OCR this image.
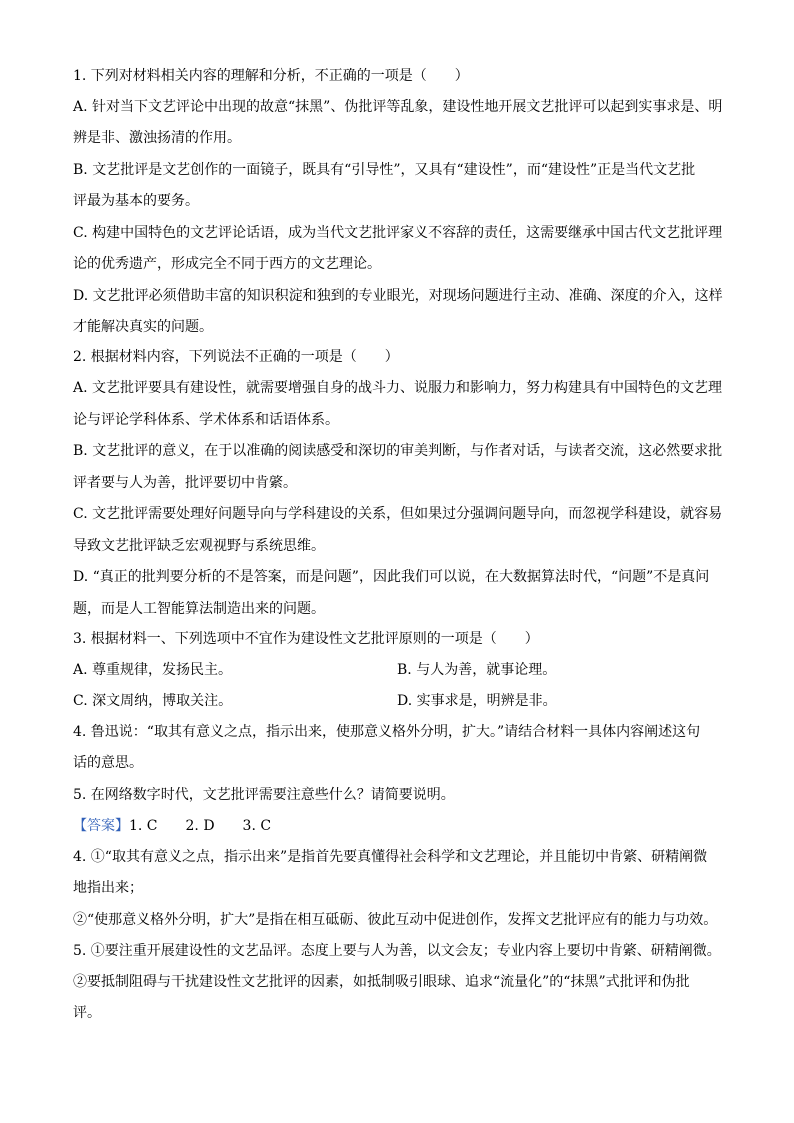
1. 下列对材料相关内容的理解和分析，不正确的一项是（　　）
A. 针对当下文艺评论中出现的故意“抹黑”、伪批评等乱象，建设性地开展文艺批评可以起到实事求是、明
辨是非、激浊扬清的作用。
B. 文艺批评是文艺创作的一面镜子，既具有“引导性”，又具有“建设性”，而“建设性”正是当代文艺批
评最为基本的要务。
C. 构建中国特色的文艺评论话语，成为当代文艺批评家义不容辞的责任，这需要继承中国古代文艺批评理
论的优秀遗产，形成完全不同于西方的文艺理论。
D. 文艺批评必须借助丰富的知识积淀和独到的专业眼光，对现场问题进行主动、准确、深度的介入，这样
才能解决真实的问题。
2. 根据材料内容，下列说法不正确的一项是（　　）
A. 文艺批评要具有建设性，就需要增强自身的战斗力、说服力和影响力，努力构建具有中国特色的文艺理
论与评论学科体系、学术体系和话语体系。
B. 文艺批评的意义，在于以准确的阅读感受和深切的审美判断，与作者对话，与读者交流，这必然要求批
评者要与人为善，批评要切中肯綮。
C. 文艺批评需要处理好问题导向与学科建设的关系，但如果过分强调问题导向，而忽视学科建设，就容易
导致文艺批评缺乏宏观视野与系统思维。
D. “真正的批判要分析的不是答案，而是问题”，因此我们可以说，在大数据算法时代，“问题”不是真问
题，而是人工智能算法制造出来的问题。
3. 根据材料一、下列选项中不宜作为建设性文艺批评原则的一项是（　　）
A. 尊重规律，发扬民主。	B. 与人为善，就事论理。
C. 深文周纳，博取关注。	D. 实事求是，明辨是非。
4. 鲁迅说：“取其有意义之点，指示出来，使那意义格外分明，扩大。”请结合材料一具体内容阐述这句
话的意思。
5. 在网络数字时代，文艺批评需要注意些什么？请简要说明。
【答案】1. C　　2. D　　3. C
4. ①“取其有意义之点，指示出来”是指首先要真懂得社会科学和文艺理论，并且能切中肯綮、研精阐微
地指出来；
②“使那意义格外分明，扩大”是指在相互砥砺、彼此互动中促进创作，发挥文艺批评应有的能力与功效。
5. ①要注重开展建设性的文艺品评。态度上要与人为善，以文会友；专业内容上要切中肯綮、研精阐微。
②要抵制阻碍与干扰建设性文艺批评的因素，如抵制吸引眼球、追求“流量化”的“抹黑”式批评和伪批
评。
